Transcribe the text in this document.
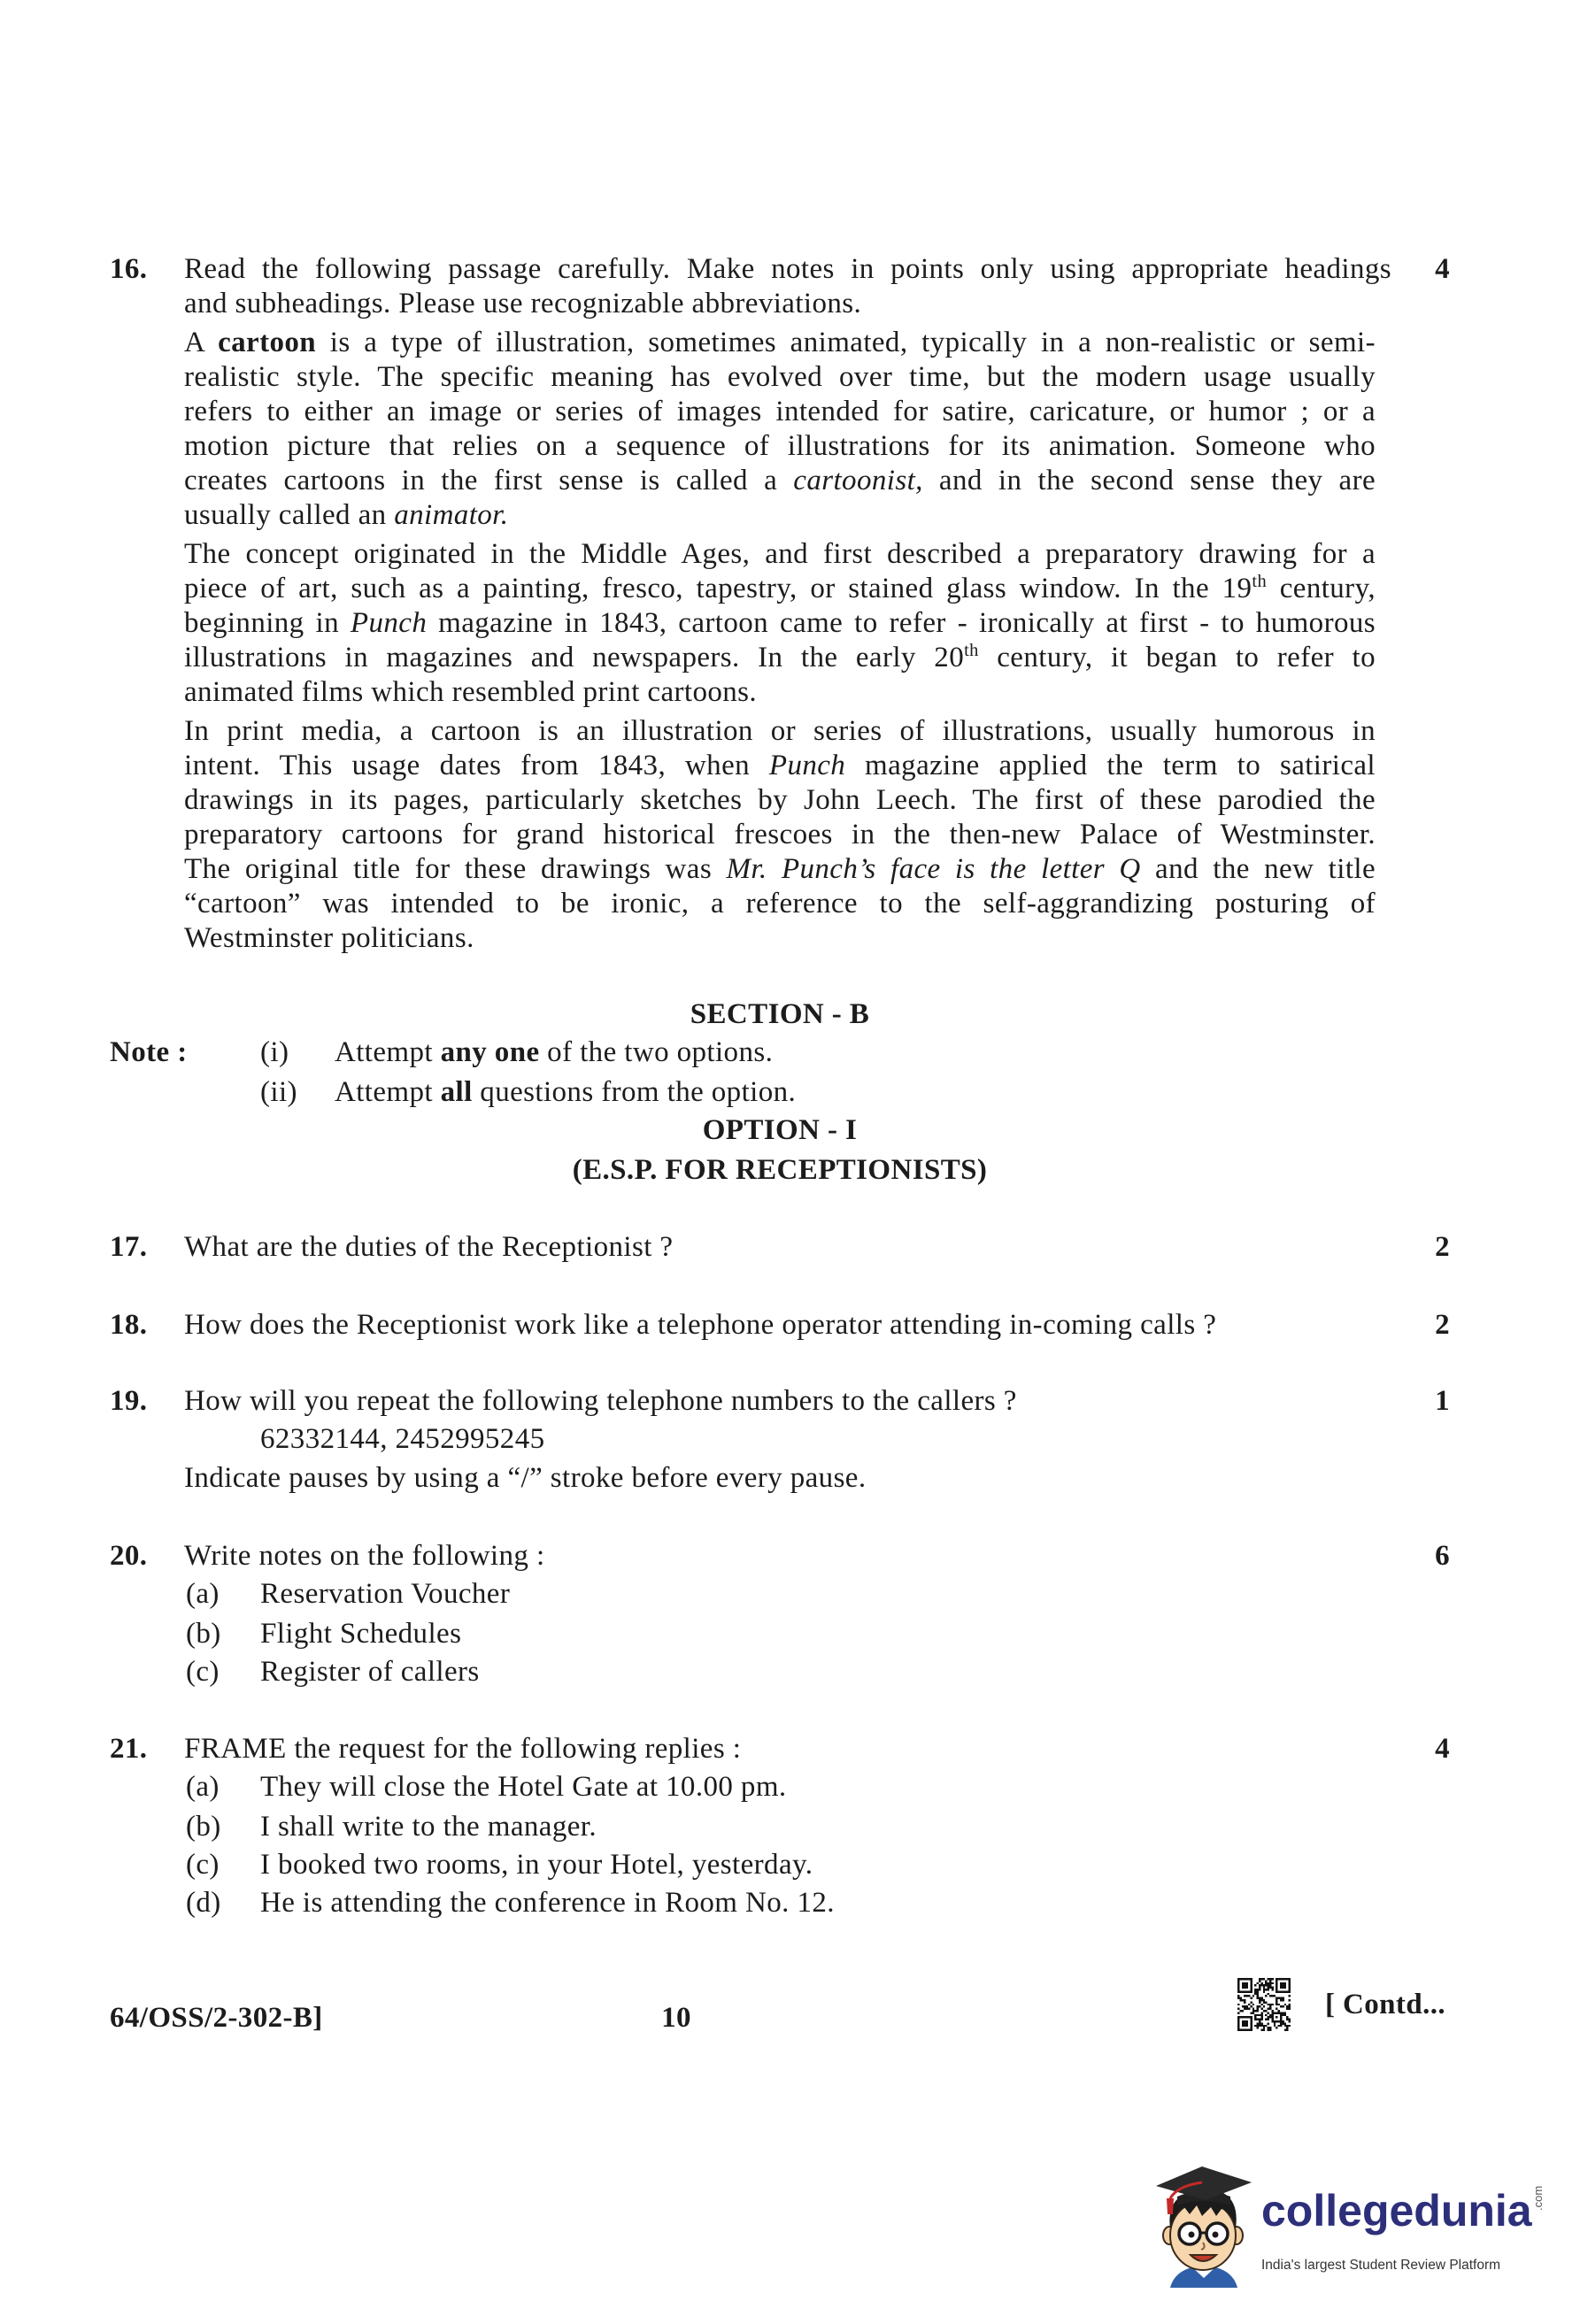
16.	4
Read the following passage carefully. Make notes in points only using appropriate headings
and subheadings. Please use recognizable abbreviations.
A cartoon is a type of illustration, sometimes animated, typically in a non-realistic or semi-
realistic style. The specific meaning has evolved over time, but the modern usage usually
refers to either an image or series of images intended for satire, caricature, or humor ; or a
motion picture that relies on a sequence of illustrations for its animation. Someone who
creates cartoons in the first sense is called a cartoonist, and in the second sense they are
usually called an animator.
The concept originated in the Middle Ages, and first described a preparatory drawing for a
piece of art, such as a painting, fresco, tapestry, or stained glass window. In the 19th century,
beginning in Punch magazine in 1843, cartoon came to refer - ironically at first - to humorous
illustrations in magazines and newspapers. In the early 20th century, it began to refer to
animated films which resembled print cartoons.
In print media, a cartoon is an illustration or series of illustrations, usually humorous in
intent. This usage dates from 1843, when Punch magazine applied the term to satirical
drawings in its pages, particularly sketches by John Leech. The first of these parodied the
preparatory cartoons for grand historical frescoes in the then-new Palace of Westminster.
The original title for these drawings was Mr. Punch’s face is the letter Q and the new title
“cartoon” was intended to be ironic, a reference to the self-aggrandizing posturing of
Westminster politicians.
SECTION - B
Note : (i) Attempt any one of the two options.
(ii) Attempt all questions from the option.
OPTION - I
(E.S.P. FOR RECEPTIONISTS)
17. What are the duties of the Receptionist ?	2
18. How does the Receptionist work like a telephone operator attending in-coming calls ?	2
19. How will you repeat the following telephone numbers to the callers ?	1
62332144, 2452995245
Indicate pauses by using a “/” stroke before every pause.
20. Write notes on the following :	6
(a) Reservation Voucher
(b) Flight Schedules
(c) Register of callers
21. FRAME the request for the following replies :	4
(a) They will close the Hotel Gate at 10.00 pm.
(b) I shall write to the manager.
(c) I booked two rooms, in your Hotel, yesterday.
(d) He is attending the conference in Room No. 12.
64/OSS/2-302-B]	10	[ Contd...
collegedunia .com
India's largest Student Review Platform
